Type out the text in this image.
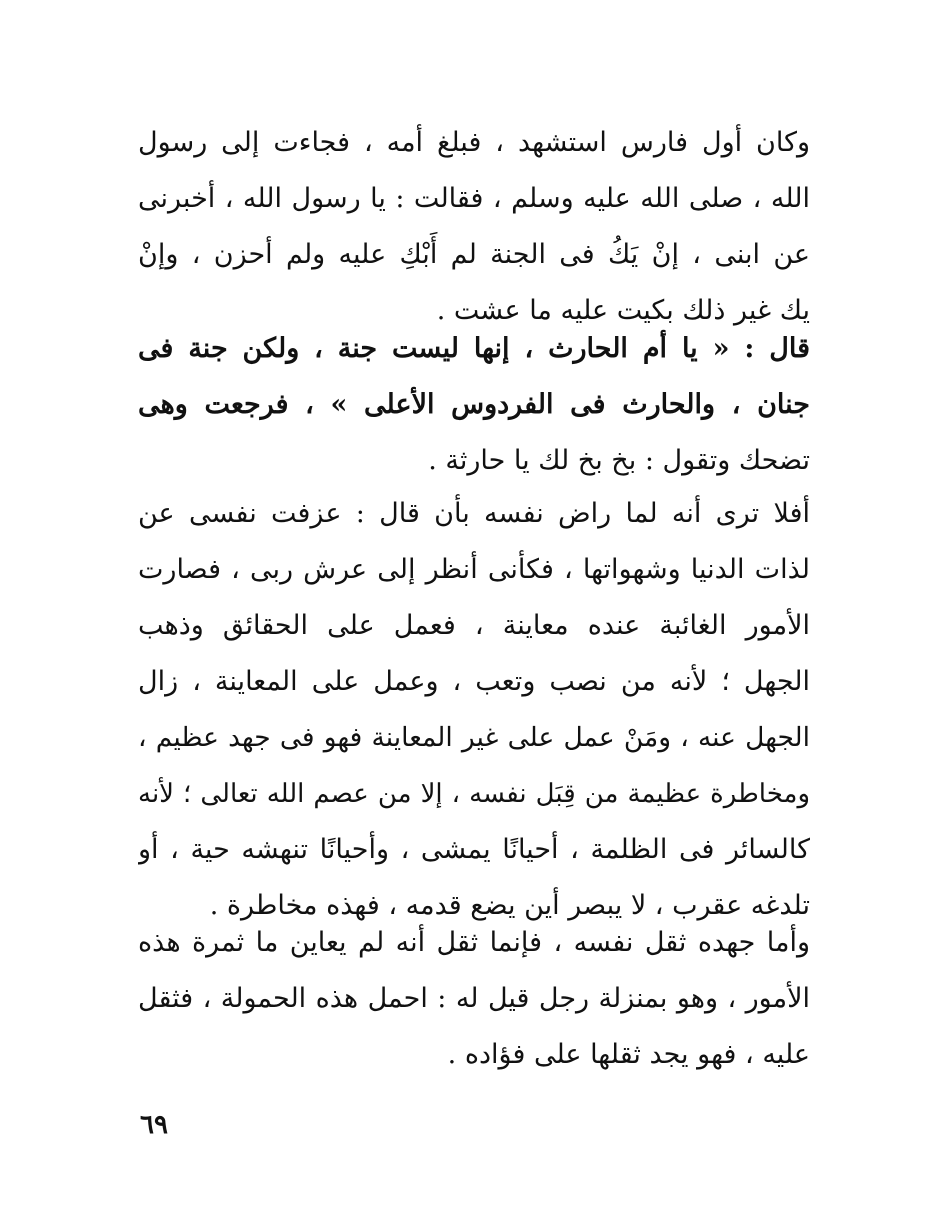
وكان أول فارس استشهد ، فبلغ أمه ، فجاءت إلى رسول
الله ، صلى الله عليه وسلم ، فقالت : يا رسول الله ، أخبرنى
عن ابنى ، إنْ يَكُ فى الجنة لم أَبْكِ عليه ولم أحزن ، وإنْ
يك غير ذلك بكيت عليه ما عشت .
قال : « يا أم الحارث ، إنها ليست جنة ، ولكن جنة فى
جنان ، والحارث فى الفردوس الأعلى » ، فرجعت وهى
تضحك وتقول : بخ بخ لك يا حارثة .
أفلا ترى أنه لما راض نفسه بأن قال : عزفت نفسى عن
لذات الدنيا وشهواتها ، فكأنى أنظر إلى عرش ربى ، فصارت
الأمور الغائبة عنده معاينة ، فعمل على الحقائق وذهب
الجهل ؛ لأنه من نصب وتعب ، وعمل على المعاينة ، زال
الجهل عنه ، ومَنْ عمل على غير المعاينة فهو فى جهد عظيم ،
ومخاطرة عظيمة من قِبَل نفسه ، إلا من عصم الله تعالى ؛ لأنه
كالسائر فى الظلمة ، أحيانًا يمشى ، وأحيانًا تنهشه حية ، أو
تلدغه عقرب ، لا يبصر أين يضع قدمه ، فهذه مخاطرة .
وأما جهده ثقل نفسه ، فإنما ثقل أنه لم يعاين ما ثمرة هذه
الأمور ، وهو بمنزلة رجل قيل له : احمل هذه الحمولة ، فثقل
عليه ، فهو يجد ثقلها على فؤاده .
٦٩
